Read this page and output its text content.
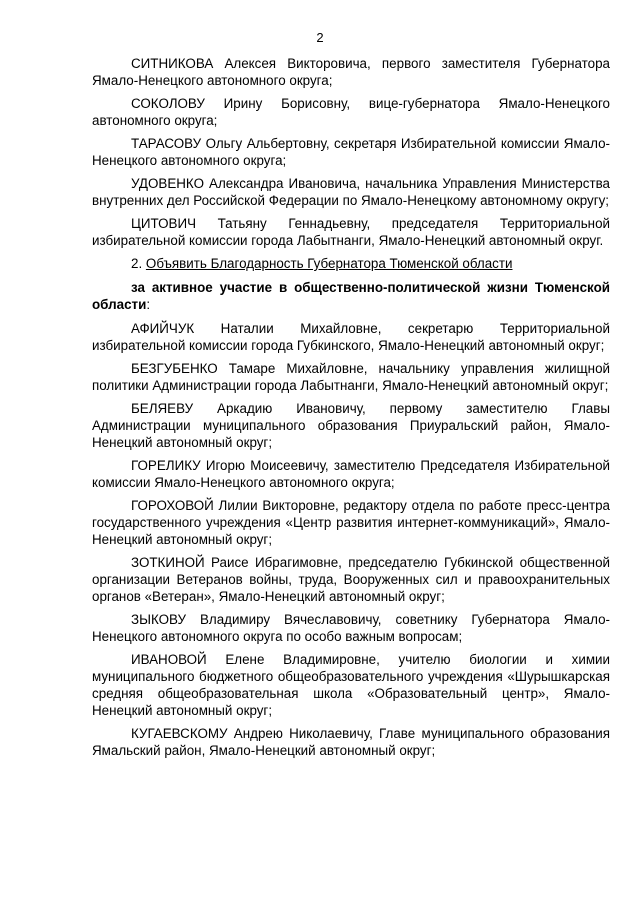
2

СИТНИКОВА Алексея Викторовича, первого заместителя Губернатора Ямало-Ненецкого автономного округа;

СОКОЛОВУ Ирину Борисовну, вице-губернатора Ямало-Ненецкого автономного округа;

ТАРАСОВУ Ольгу Альбертовну, секретаря Избирательной комиссии Ямало-Ненецкого автономного округа;

УДОВЕНКО Александра Ивановича, начальника Управления Министерства внутренних дел Российской Федерации по Ямало-Ненецкому автономному округу;

ЦИТОВИЧ Татьяну Геннадьевну, председателя Территориальной избирательной комиссии города Лабытнанги, Ямало-Ненецкий автономный округ.

2. Объявить Благодарность Губернатора Тюменской области

за активное участие в общественно-политической жизни Тюменской области:

АФИЙЧУК Наталии Михайловне, секретарю Территориальной избирательной комиссии города Губкинского, Ямало-Ненецкий автономный округ;

БЕЗГУБЕНКО Тамаре Михайловне, начальнику управления жилищной политики Администрации города Лабытнанги, Ямало-Ненецкий автономный округ;

БЕЛЯЕВУ Аркадию Ивановичу, первому заместителю Главы Администрации муниципального образования Приуральский район, Ямало-Ненецкий автономный округ;

ГОРЕЛИКУ Игорю Моисеевичу, заместителю Председателя Избирательной комиссии Ямало-Ненецкого автономного округа;

ГОРОХОВОЙ Лилии Викторовне, редактору отдела по работе пресс-центра государственного учреждения «Центр развития интернет-коммуникаций», Ямало-Ненецкий автономный округ;

ЗОТКИНОЙ Раисе Ибрагимовне, председателю Губкинской общественной организации Ветеранов войны, труда, Вооруженных сил и правоохранительных органов «Ветеран», Ямало-Ненецкий автономный округ;

ЗЫКОВУ Владимиру Вячеславовичу, советнику Губернатора Ямало-Ненецкого автономного округа по особо важным вопросам;

ИВАНОВОЙ Елене Владимировне, учителю биологии и химии муниципального бюджетного общеобразовательного учреждения «Шурышкарская средняя общеобразовательная школа «Образовательный центр», Ямало-Ненецкий автономный округ;

КУГАЕВСКОМУ Андрею Николаевичу, Главе муниципального образования Ямальский район, Ямало-Ненецкий автономный округ;
